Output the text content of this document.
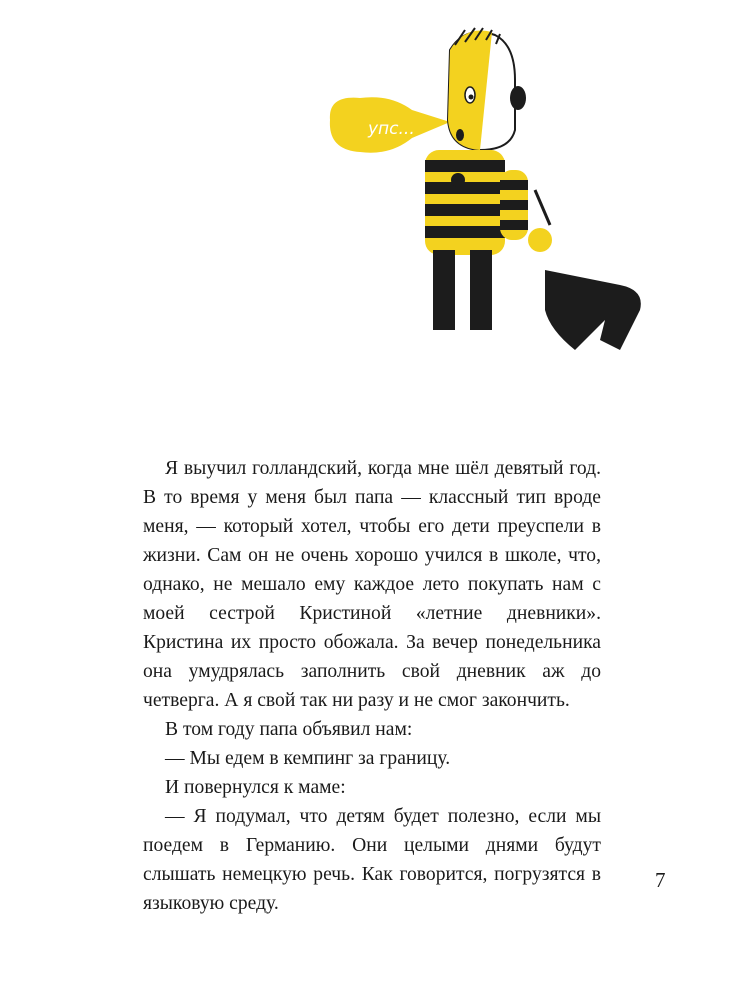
упс...

Я выучил голландский, когда мне шёл девятый год. В то время у меня был папа — классный тип вроде меня, — который хотел, чтобы его дети преуспели в жизни. Сам он не очень хорошо учился в школе, что, однако, не мешало ему каждое лето покупать нам с моей сестрой Кристиной «летние дневники». Кристина их просто обожала. За вечер понедельника она умудрялась заполнить свой дневник аж до четверга. А я свой так ни разу и не смог закончить.

В том году папа объявил нам:

— Мы едем в кемпинг за границу.

И повернулся к маме:

— Я подумал, что детям будет полезно, если мы поедем в Германию. Они целыми днями будут слышать немецкую речь. Как говорится, погрузятся в языковую среду.

7
